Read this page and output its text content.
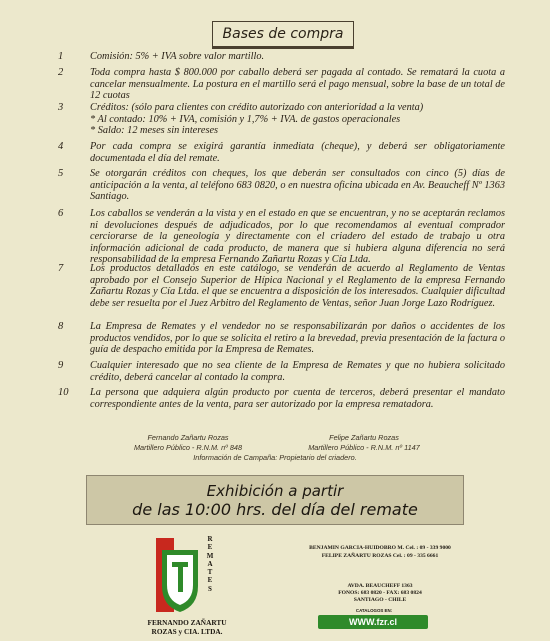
Bases de compra
1	Comisión: 5% + IVA sobre valor martillo.
2	Toda compra hasta $ 800.000 por caballo deberá ser pagada al contado. Se rematará la cuota a cancelar mensualmente. La postura en el martillo será el pago mensual, sobre la base de un total de 12 cuotas
3	Créditos: (sólo para clientes con crédito autorizado con anterioridad a la venta)
* Al contado: 10% + IVA, comisión y 1,7% + IVA. de gastos operacionales
* Saldo: 12 meses sin intereses
4	Por cada compra se exigirá garantía inmediata (cheque), y deberá ser obligatoriamente documentada el día del remate.
5	Se otorgarán créditos con cheques, los que deberán ser consultados con cinco (5) días de anticipación a la venta, al teléfono 683 0820, o en nuestra oficina ubicada en Av. Beaucheff Nº 1363 Santiago.
6	Los caballos se venderán a la vista y en el estado en que se encuentran, y no se aceptarán reclamos ni devoluciones después de adjudicados, por lo que recomendamos al eventual comprador cerciorarse de la geneología y directamente con el criadero del estado de trabajo u otra información adicional de cada producto, de manera que si hubiera alguna diferencia no será responsabilidad de la empresa Fernando Zañartu Rozas y Cía Ltda.
7	Los productos detallados en este catálogo, se venderán de acuerdo al Reglamento de Ventas aprobado por el Consejo Superior de Hípica Nacional y el Reglamento de la empresa Fernando Zañartu Rozas y Cía Ltda. el que se encuentra a disposición de los interesados. Cualquier dificultad debe ser resuelta por el Juez Arbitro del Reglamento de Ventas, señor Juan Jorge Lazo Rodríguez.
8	La Empresa de Remates y el vendedor no se responsabilizarán por daños o accidentes de los productos vendidos, por lo que se solicita el retiro a la brevedad, previa presentación de la factura o guía de despacho emitida por la Empresa de Remates.
9	Cualquier interesado que no sea cliente de la Empresa de Remates y que no hubiera solicitado crédito, deberá cancelar al contado la compra.
10	La persona que adquiera algún producto por cuenta de terceros, deberá presentar el mandato correspondiente antes de la venta, para ser autorizado por la empresa rematadora.
Exhibición a partir
de las 10:00 hrs. del día del remate
Fernando Zañartu Rozas
Martillero Público - R.N.M. nº 848
Felipe Zañartu Rozas
Martillero Público - R.N.M. nº 1147
Información de Campaña: Propietario del criadero.
R
E
M
A
T
E
S
FERNANDO ZAÑARTU
ROZAS y CIA. LTDA.
BENJAMIN GARCIA-HUIDOBRO M. Cel. : 09 - 339 9000
FELIPE ZAÑARTU ROZAS Cel. : 09 - 335 6661
AVDA. BEAUCHEFF 1363
FONOS: 683 0820 - FAX: 683 0824
SANTIAGO - CHILE
CATALOGOS EN:
WWW.fzr.cl
